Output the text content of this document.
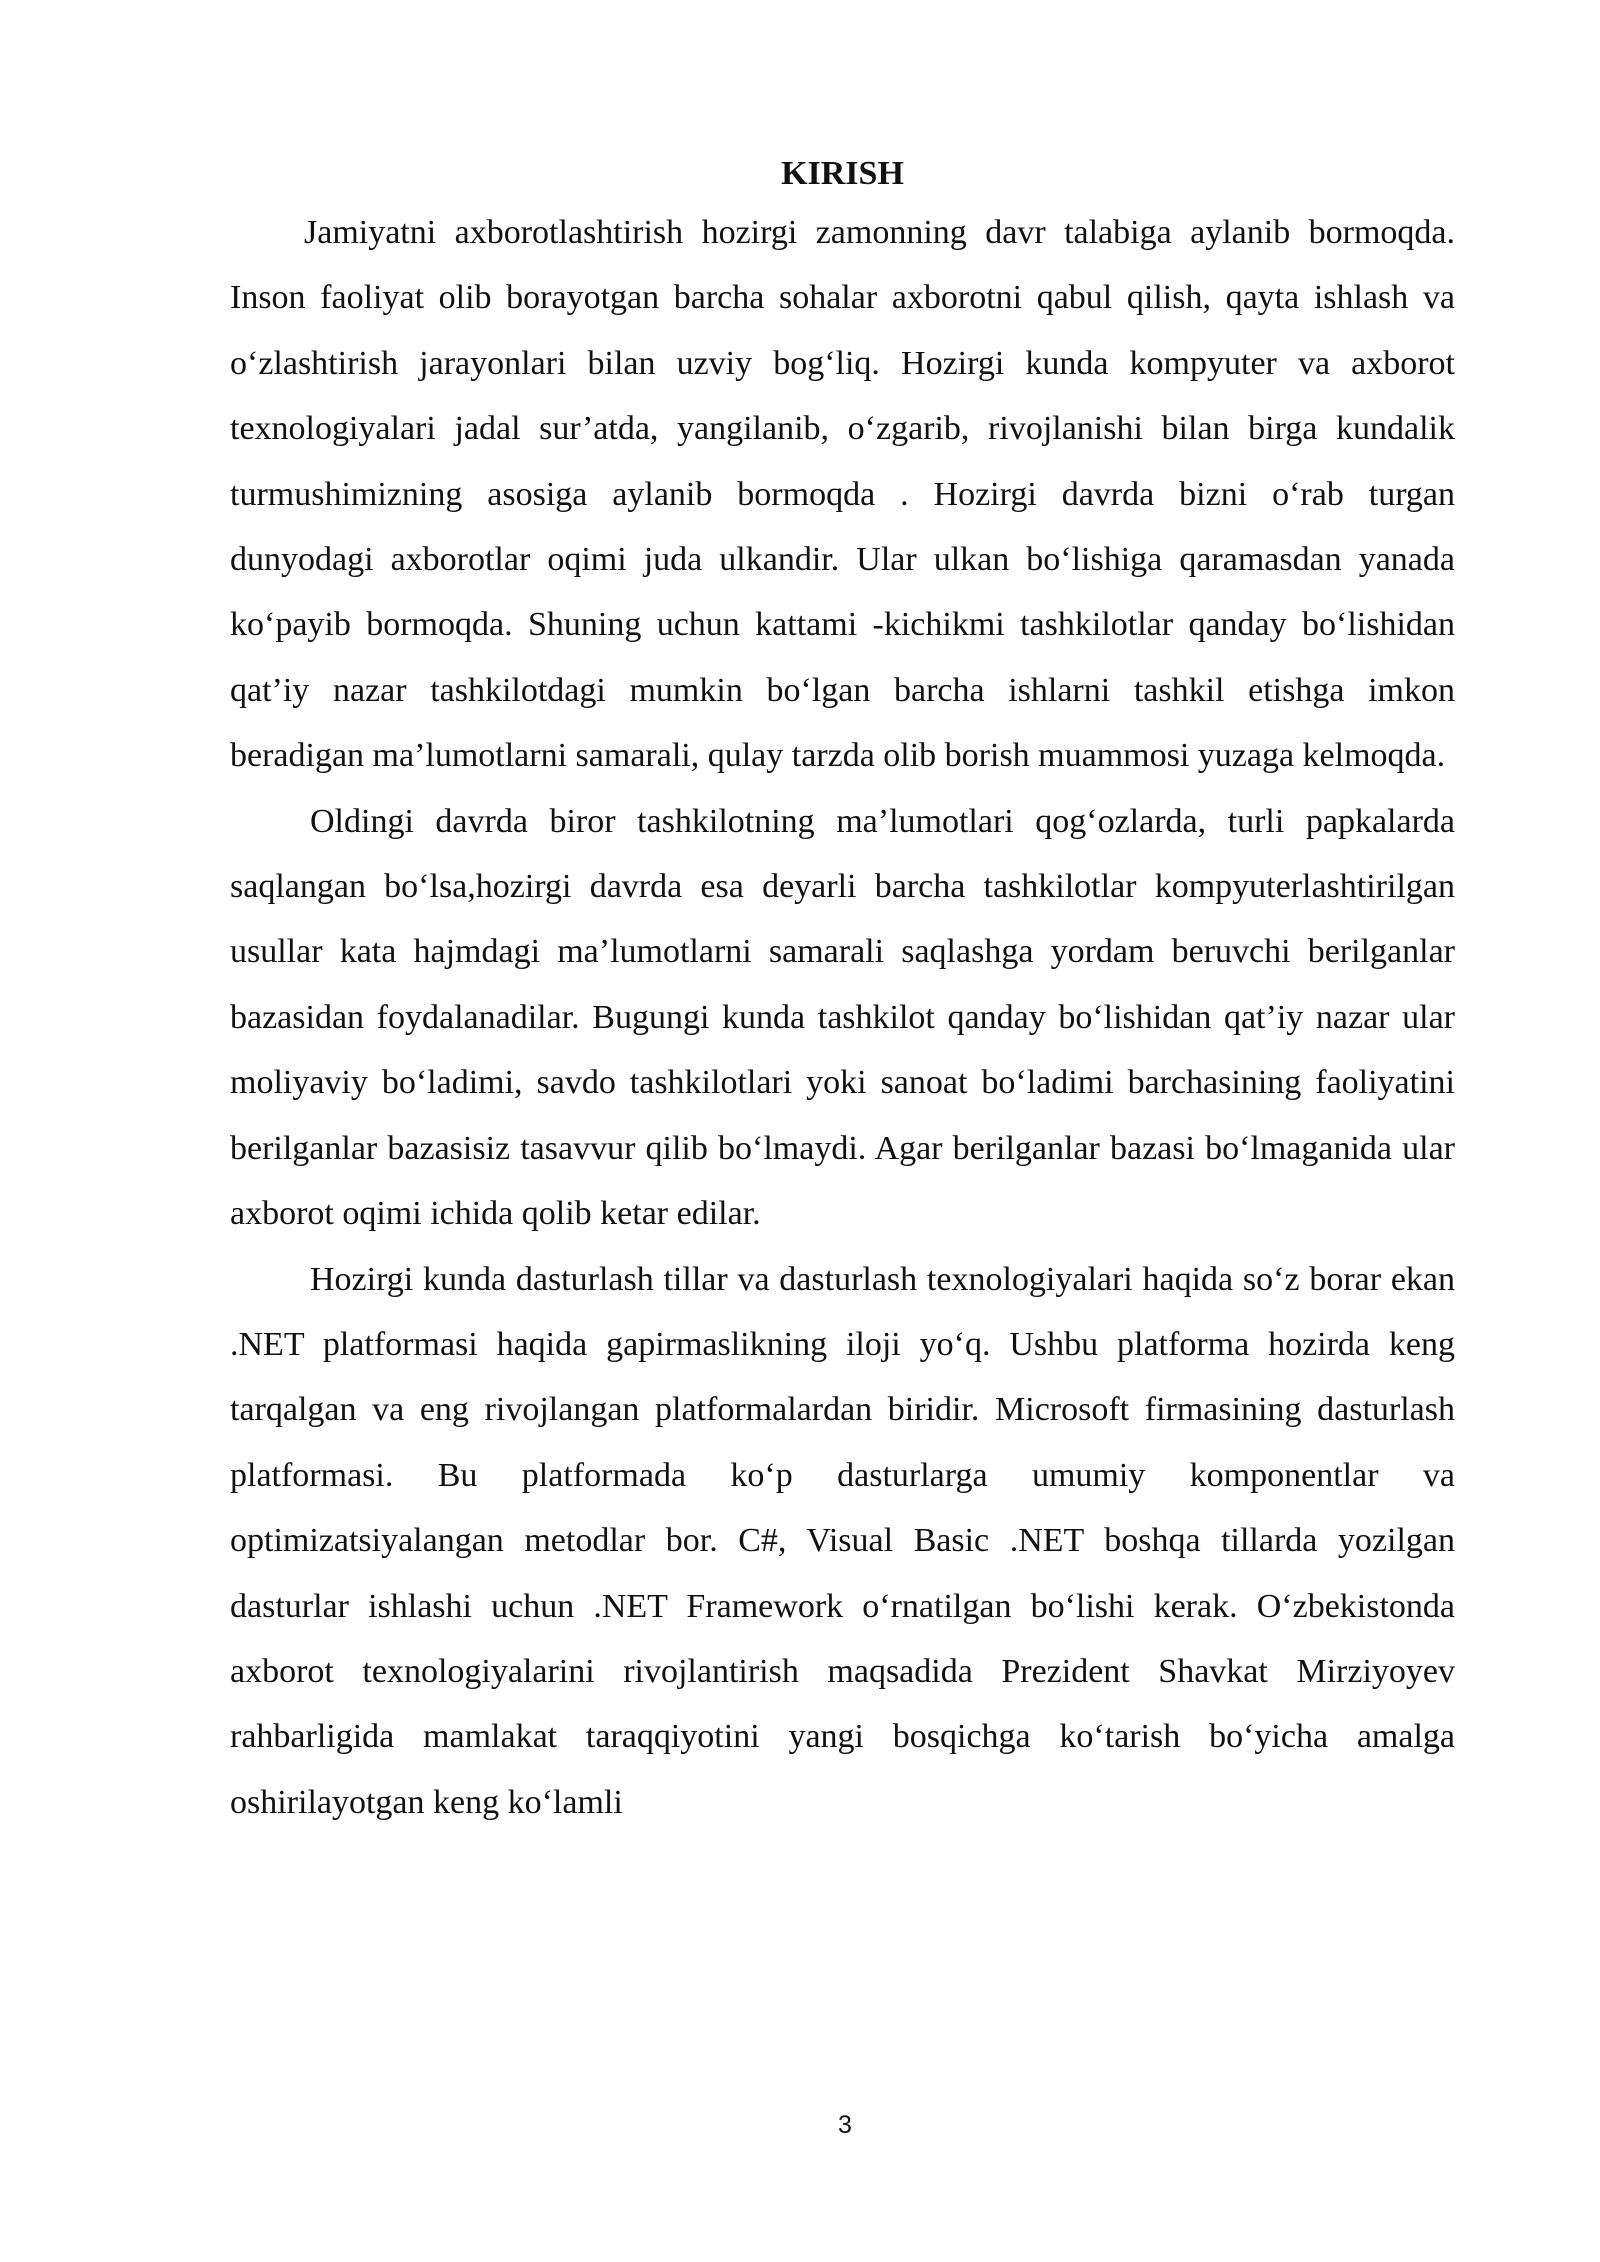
KIRISH

Jamiyatni axborotlashtirish hozirgi zamonning davr talabiga aylanib bormoqda. Inson faoliyat olib borayotgan barcha sohalar axborotni qabul qilish, qayta ishlash va o‘zlashtirish jarayonlari bilan uzviy bog‘liq. Hozirgi kunda kompyuter va axborot texnologiyalari jadal sur’atda, yangilanib, o‘zgarib, rivojlanishi bilan birga kundalik turmushimizning asosiga aylanib bormoqda . Hozirgi davrda bizni o‘rab turgan dunyodagi axborotlar oqimi juda ulkandir. Ular ulkan bo‘lishiga qaramasdan yanada ko‘payib bormoqda. Shuning uchun kattami -kichikmi tashkilotlar qanday bo‘lishidan qat’iy nazar tashkilotdagi mumkin bo‘lgan barcha ishlarni tashkil etishga imkon beradigan ma’lumotlarni samarali, qulay tarzda olib borish muammosi yuzaga kelmoqda.

Oldingi davrda biror tashkilotning ma’lumotlari qog‘ozlarda, turli papkalarda saqlangan bo‘lsa,hozirgi davrda esa deyarli barcha tashkilotlar kompyuterlashtirilgan usullar kata hajmdagi ma’lumotlarni samarali saqlashga yordam beruvchi berilganlar bazasidan foydalanadilar. Bugungi kunda tashkilot qanday bo‘lishidan qat’iy nazar ular moliyaviy bo‘ladimi, savdo tashkilotlari yoki sanoat bo‘ladimi barchasining faoliyatini berilganlar bazasisiz tasavvur qilib bo‘lmaydi. Agar berilganlar bazasi bo‘lmaganida ular axborot oqimi ichida qolib ketar edilar.

Hozirgi kunda dasturlash tillar va dasturlash texnologiyalari haqida so‘z borar ekan .NET platformasi haqida gapirmaslikning iloji yo‘q. Ushbu platforma hozirda keng tarqalgan va eng rivojlangan platformalardan biridir. Microsoft firmasining dasturlash platformasi. Bu platformada ko‘p dasturlarga umumiy komponentlar va optimizatsiyalangan metodlar bor. C#, Visual Basic .NET boshqa tillarda yozilgan dasturlar ishlashi uchun .NET Framework o‘rnatilgan bo‘lishi kerak. O‘zbekistonda axborot texnologiyalarini rivojlantirish maqsadida Prezident Shavkat Mirziyoyev rahbarligida mamlakat taraqqiyotini yangi bosqichga ko‘tarish bo‘yicha amalga oshirilayotgan keng ko‘lamli

3
